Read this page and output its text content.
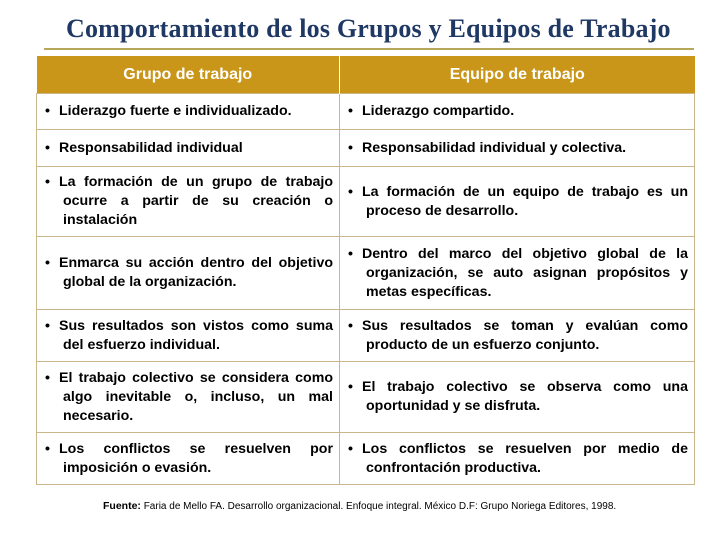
Comportamiento de los Grupos y Equipos de Trabajo
Grupo de trabajo	Equipo de trabajo

• Liderazgo fuerte e individualizado.	• Liderazgo compartido.

• Responsabilidad individual	• Responsabilidad individual y colectiva.

• La formación de un grupo de trabajo ocurre a partir de su creación o instalación	• La formación de un equipo de trabajo es un proceso de desarrollo.

• Enmarca su acción dentro del objetivo global de la organización.	• Dentro del marco del objetivo global de la organización, se auto asignan propósitos y metas específicas.

• Sus resultados son vistos como suma del esfuerzo individual.	• Sus resultados se toman y evalúan como producto de un esfuerzo conjunto.

• El trabajo colectivo se considera como algo inevitable o, incluso, un mal necesario.	• El trabajo colectivo se observa como una oportunidad y se disfruta.

• Los conflictos se resuelven por imposición o evasión.	• Los conflictos se resuelven por medio de confrontación productiva.
Fuente: Faria de Mello FA. Desarrollo organizacional. Enfoque integral. México D.F: Grupo Noriega Editores, 1998.
